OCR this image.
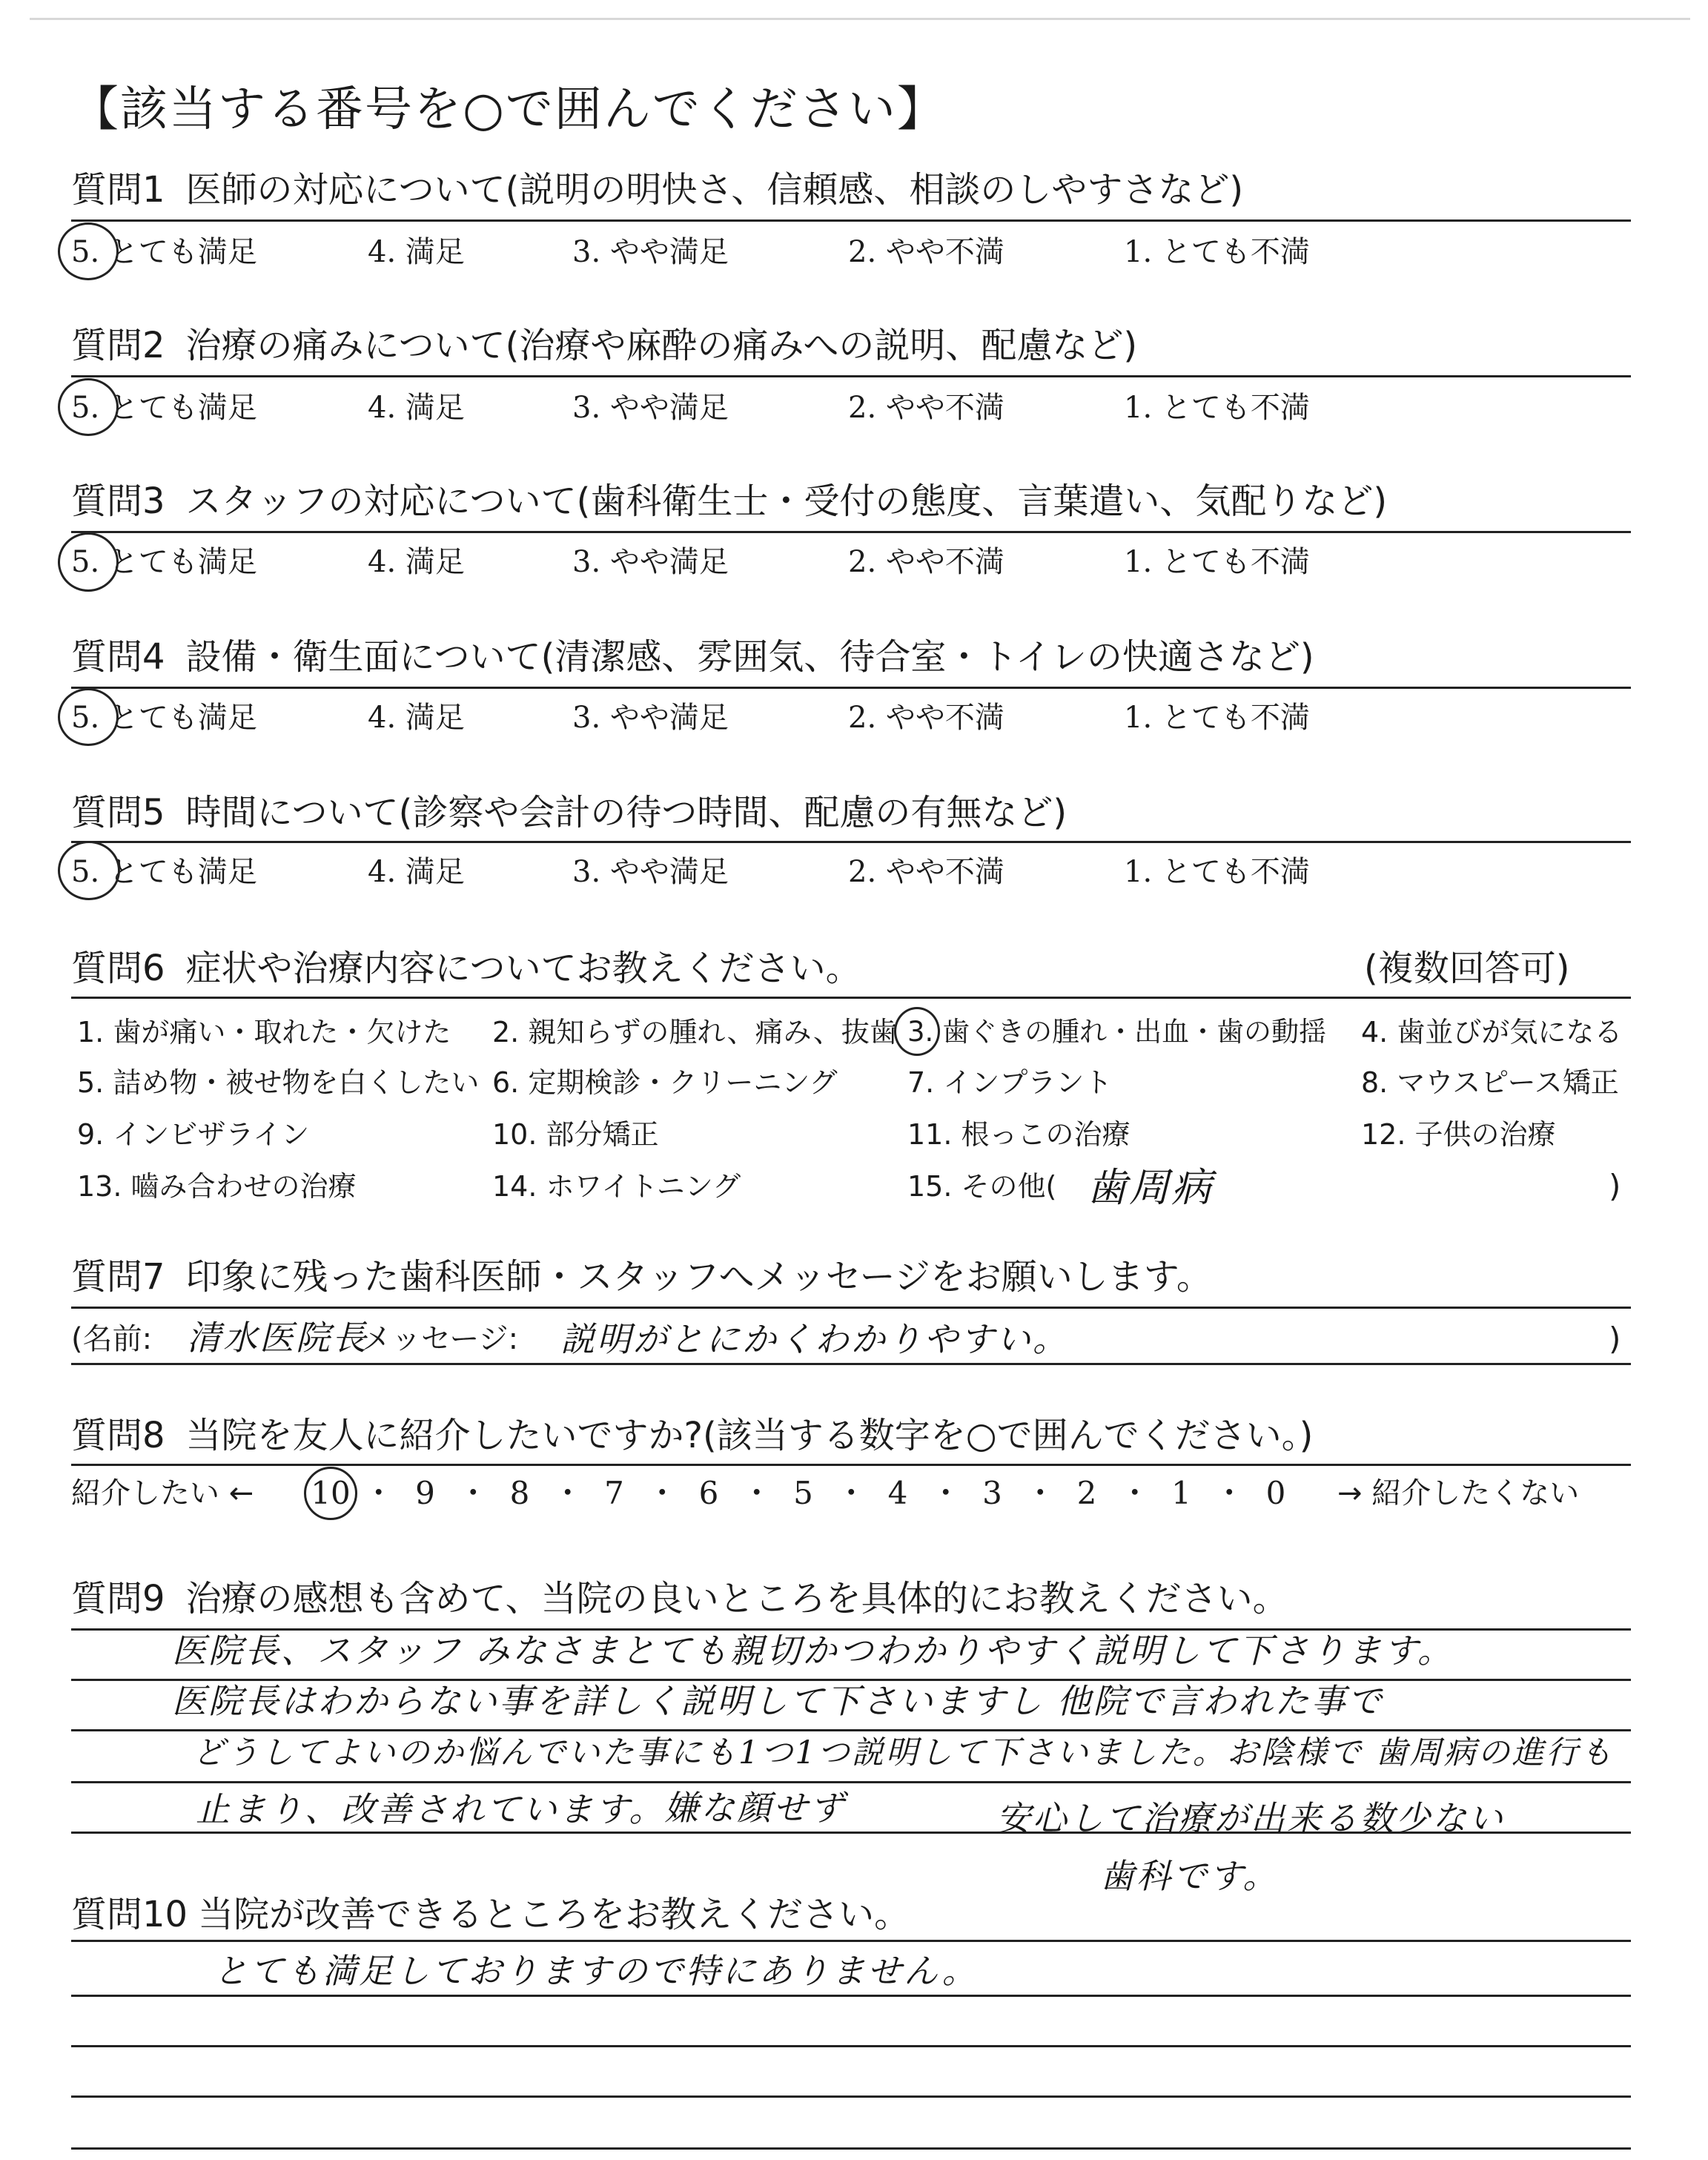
【該当する番号を○で囲んでください】
質問1 医師の対応について(説明の明快さ、信頼感、相談のしやすさなど)
5. とても満足	4. 満足	3. やや満足	2. やや不満	1. とても不満
質問2 治療の痛みについて(治療や麻酔の痛みへの説明、配慮など)
5. とても満足	4. 満足	3. やや満足	2. やや不満	1. とても不満
質問3 スタッフの対応について(歯科衛生士・受付の態度、言葉遣い、気配りなど)
5. とても満足	4. 満足	3. やや満足	2. やや不満	1. とても不満
質問4 設備・衛生面について(清潔感、雰囲気、待合室・トイレの快適さなど)
5. とても満足	4. 満足	3. やや満足	2. やや不満	1. とても不満
質問5 時間について(診察や会計の待つ時間、配慮の有無など)
5. とても満足	4. 満足	3. やや満足	2. やや不満	1. とても不満
質問6 症状や治療内容についてお教えください。	(複数回答可)
1. 歯が痛い・取れた・欠けた 2. 親知らずの腫れ、痛み、抜歯 3. 歯ぐきの腫れ・出血・歯の動揺 4. 歯並びが気になる
5. 詰め物・被せ物を白くしたい 6. 定期検診・クリーニング 7. インプラント	8. マウスピース矯正
9. インビザライン	10. 部分矯正	11. 根っこの治療	12. 子供の治療
13. 嚙み合わせの治療	14. ホワイトニング	15. その他( 歯周病	)
質問7 印象に残った歯科医師・スタッフへメッセージをお願いします。
(名前: 清水医院長
メッセージ: 説明がとにかくわかりやすい。	)
質問8 当院を友人に紹介したいですか?(該当する数字を○で囲んでください。)
紹介したい ←	→ 紹介したくない
10 ・ 9 ・ 8 ・ 7 ・ 6 ・ 5 ・ 4 ・ 3 ・ 2 ・ 1 ・ 0
質問9 治療の感想も含めて、当院の良いところを具体的にお教えください。
医院長、スタッフ みなさまとても親切かつわかりやすく説明して下さります。
医院長はわからない事を詳しく説明して下さいますし 他院で言われた事で
どうしてよいのか悩んでいた事にも1つ1つ説明して下さいました。お陰様で 歯周病の進行も
止まり、改善されています。
嫌な顔せず	安心して治療が出来る数少ない
歯科です。
質問10 当院が改善できるところをお教えください。
とても満足しておりますので特にありません。
